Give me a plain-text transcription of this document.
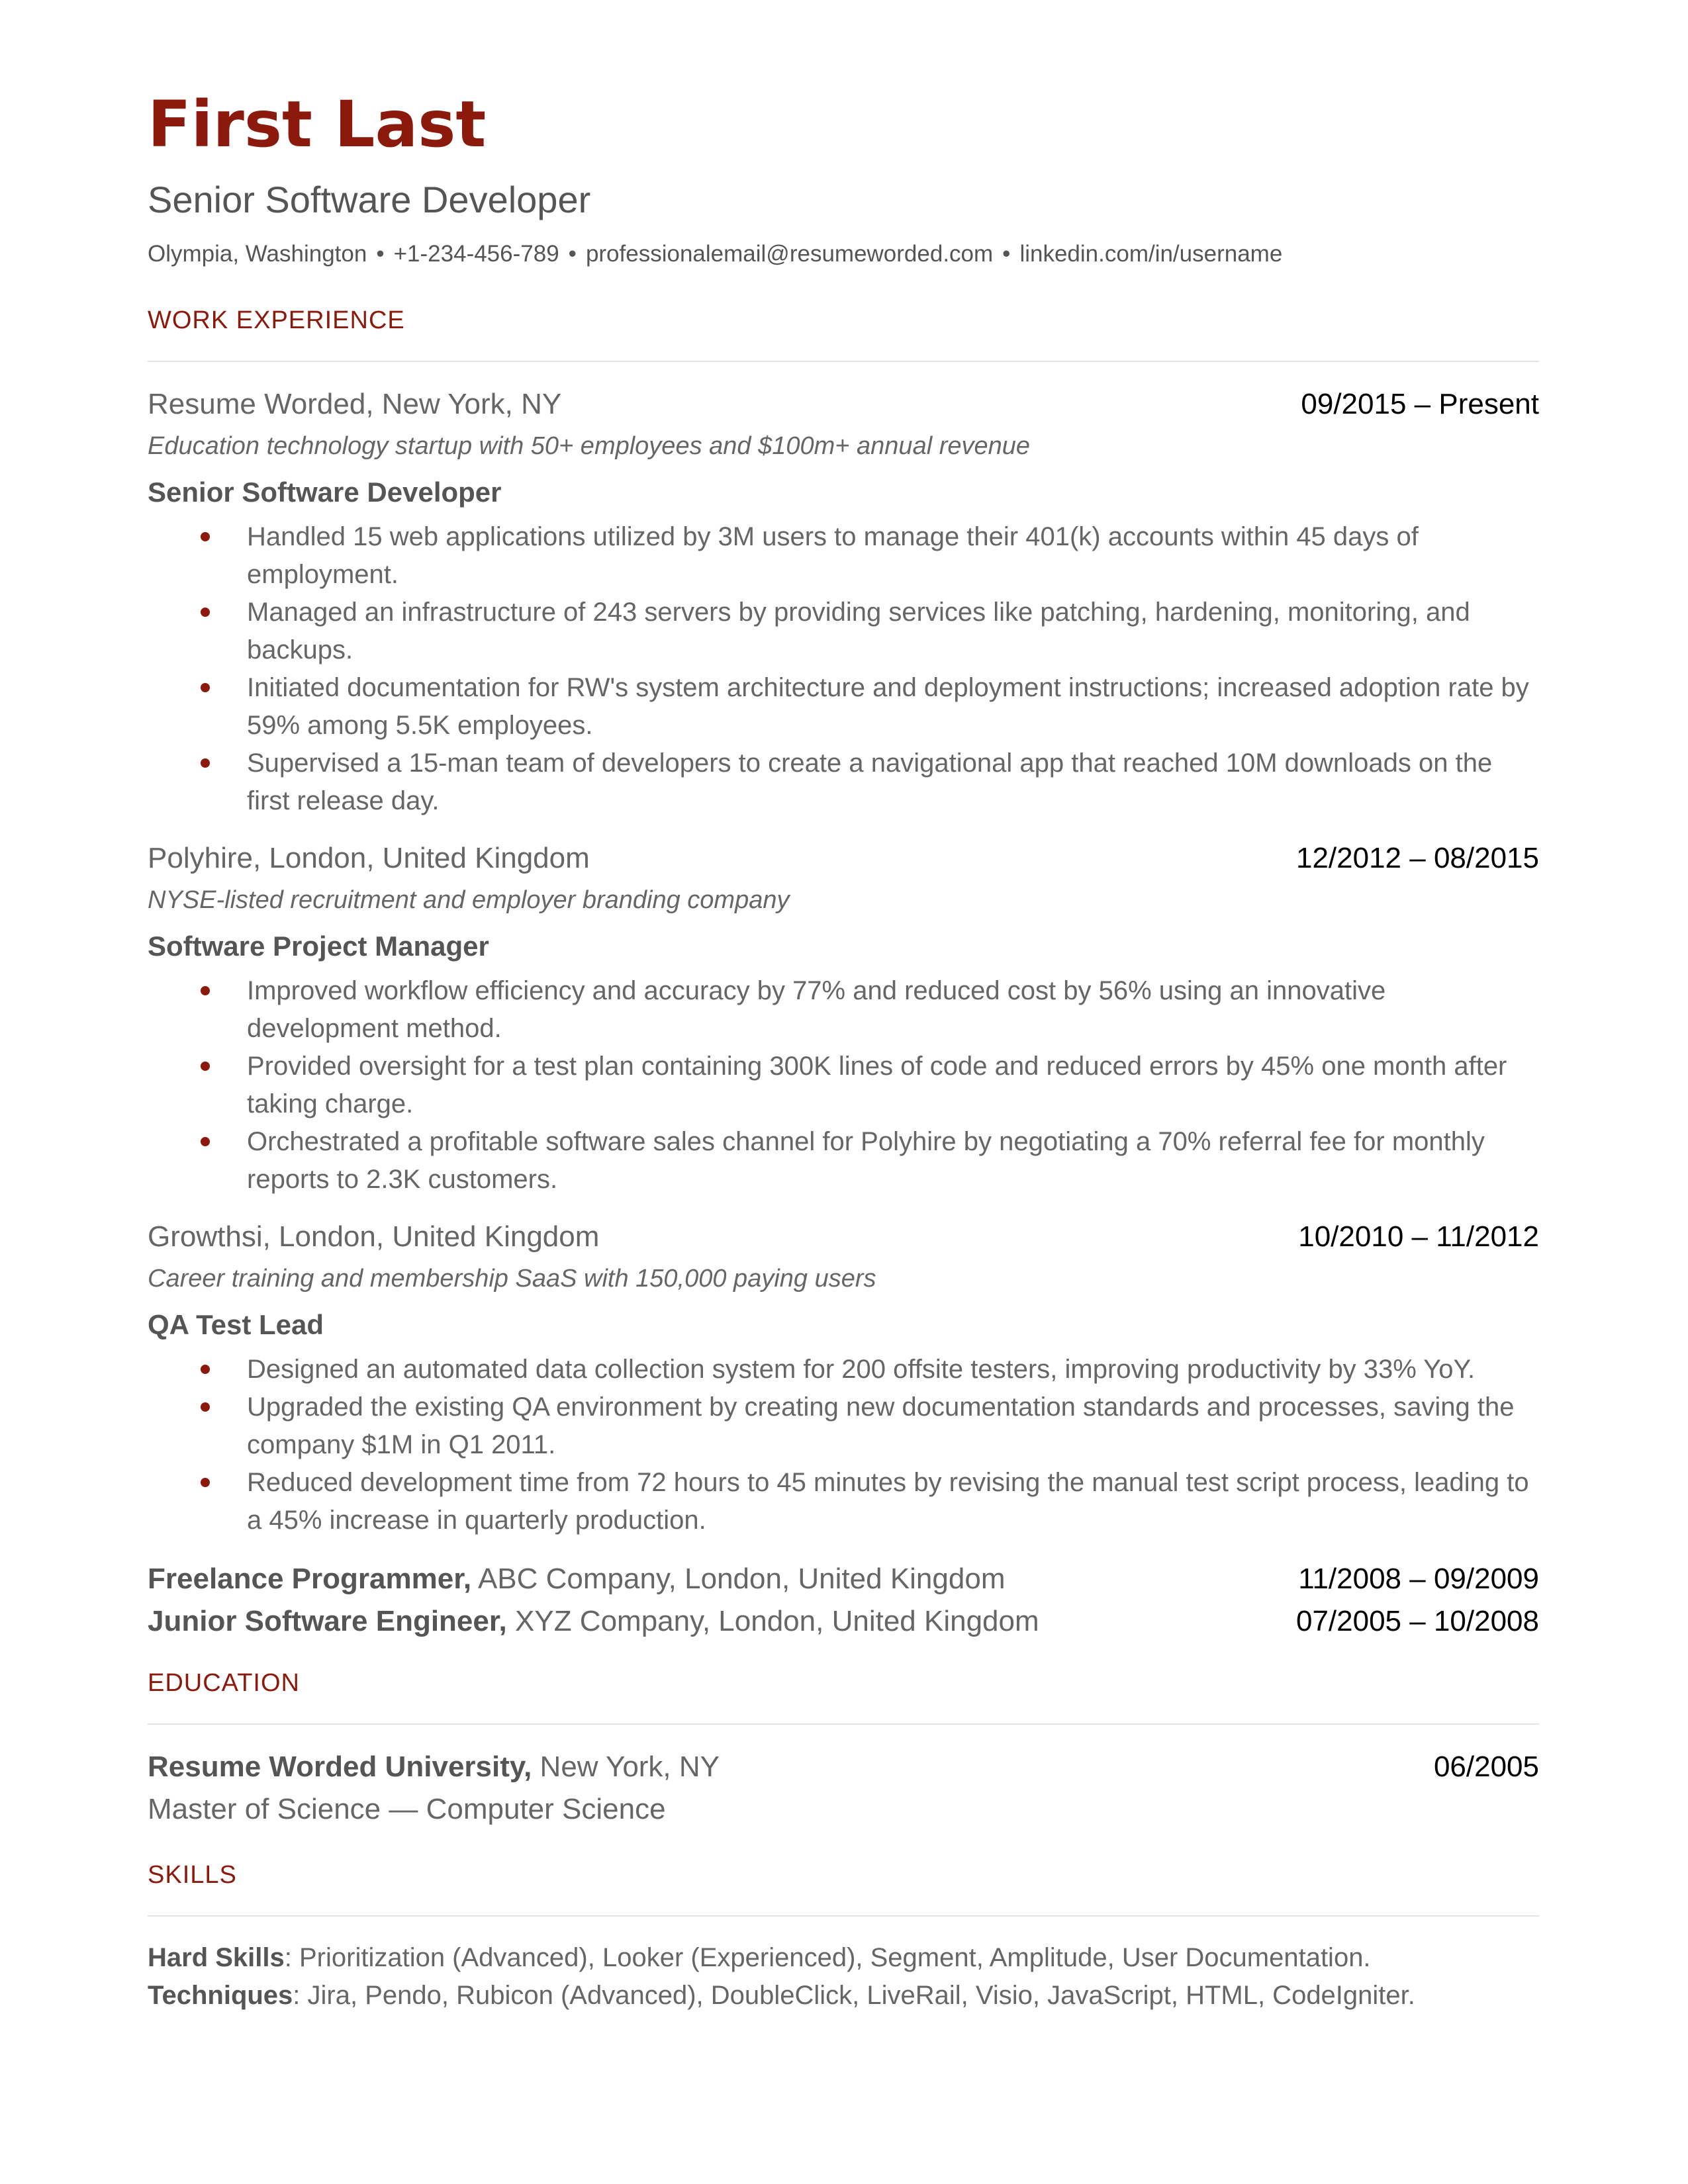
First Last
Senior Software Developer
Olympia, Washington • +1-234-456-789 • professionalemail@resumeworded.com • linkedin.com/in/username
WORK EXPERIENCE
Resume Worded, New York, NY	09/2015 – Present
Education technology startup with 50+ employees and $100m+ annual revenue
Senior Software Developer
Handled 15 web applications utilized by 3M users to manage their 401(k) accounts within 45 days of employment.
Managed an infrastructure of 243 servers by providing services like patching, hardening, monitoring, and backups.
Initiated documentation for RW's system architecture and deployment instructions; increased adoption rate by 59% among 5.5K employees.
Supervised a 15-man team of developers to create a navigational app that reached 10M downloads on the first release day.
Polyhire, London, United Kingdom	12/2012 – 08/2015
NYSE-listed recruitment and employer branding company
Software Project Manager
Improved workflow efficiency and accuracy by 77% and reduced cost by 56% using an innovative development method.
Provided oversight for a test plan containing 300K lines of code and reduced errors by 45% one month after taking charge.
Orchestrated a profitable software sales channel for Polyhire by negotiating a 70% referral fee for monthly reports to 2.3K customers.
Growthsi, London, United Kingdom	10/2010 – 11/2012
Career training and membership SaaS with 150,000 paying users
QA Test Lead
Designed an automated data collection system for 200 offsite testers, improving productivity by 33% YoY.
Upgraded the existing QA environment by creating new documentation standards and processes, saving the company $1M in Q1 2011.
Reduced development time from 72 hours to 45 minutes by revising the manual test script process, leading to a 45% increase in quarterly production.
Freelance Programmer, ABC Company, London, United Kingdom	11/2008 – 09/2009
Junior Software Engineer, XYZ Company, London, United Kingdom	07/2005 – 10/2008
EDUCATION
Resume Worded University, New York, NY	06/2005
Master of Science — Computer Science
SKILLS
Hard Skills: Prioritization (Advanced), Looker (Experienced), Segment, Amplitude, User Documentation.
Techniques: Jira, Pendo, Rubicon (Advanced), DoubleClick, LiveRail, Visio, JavaScript, HTML, CodeIgniter.
